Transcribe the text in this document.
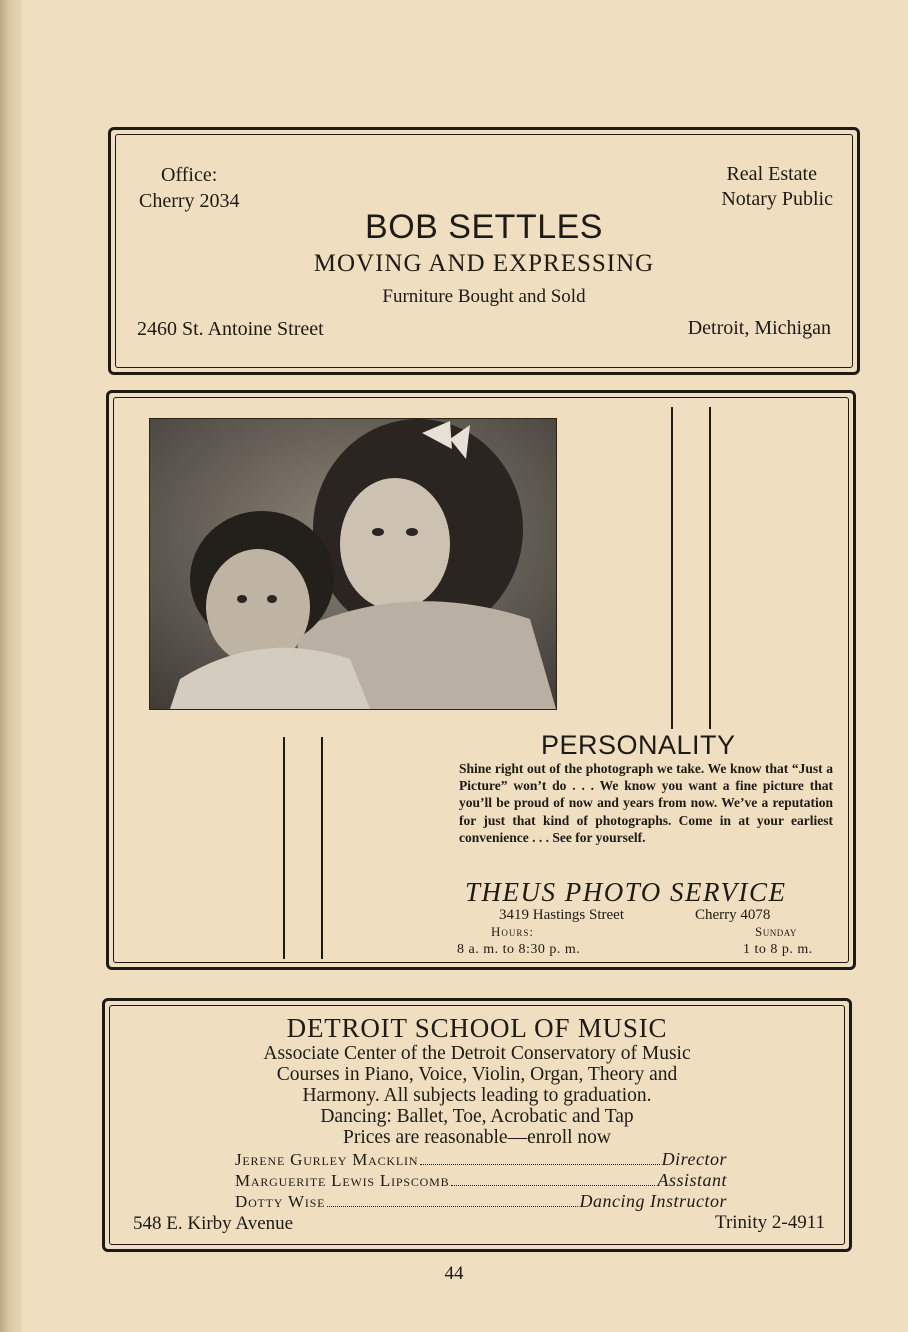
Office:
Cherry 2034
Real Estate
Notary Public
BOB SETTLES
MOVING AND EXPRESSING
Furniture Bought and Sold
2460 St. Antoine Street	Detroit, Michigan
PERSONALITY
Shine right out of the photograph we take. We know that “Just a Picture” won’t do . . . We know you want a fine picture that you’ll be proud of now and years from now. We’ve a reputation for just that kind of photographs. Come in at your earliest convenience . . . See for yourself.
THEUS PHOTO SERVICE
3419 Hastings Street	Cherry 4078
Hours:	Sunday
8 a. m. to 8:30 p. m.	1 to 8 p. m.
DETROIT SCHOOL OF MUSIC
Associate Center of the Detroit Conservatory of Music
Courses in Piano, Voice, Violin, Organ, Theory and
Harmony. All subjects leading to graduation.
Dancing: Ballet, Toe, Acrobatic and Tap
Prices are reasonable—enroll now
Jerene Gurley Macklin	Director
Marguerite Lewis Lipscomb	Assistant
Dotty Wise	Dancing Instructor
548 E. Kirby Avenue	Trinity 2-4911
44
